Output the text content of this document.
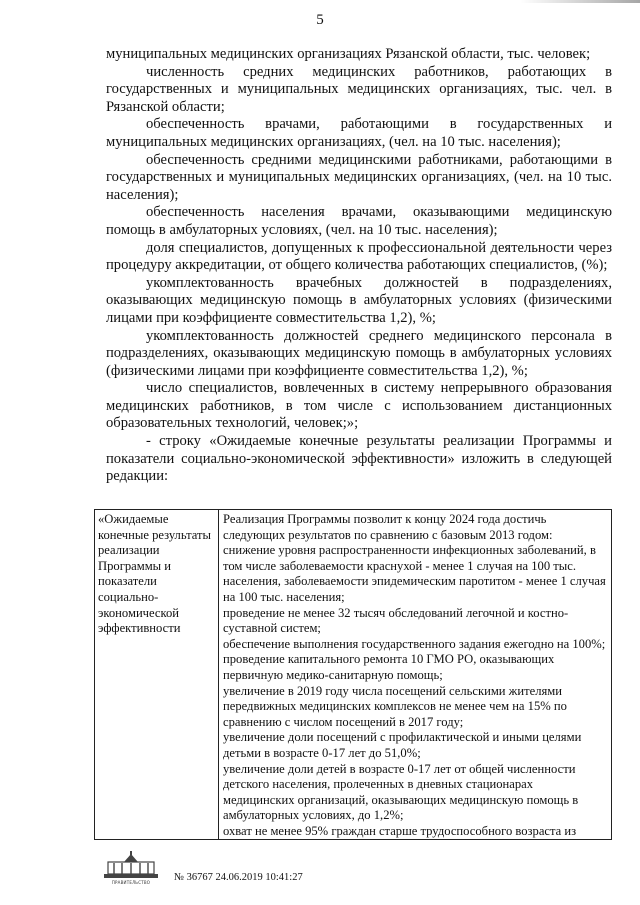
5

муниципальных медицинских организациях Рязанской области, тыс. человек;

численность средних медицинских работников, работающих в государственных и муниципальных медицинских организациях, тыс. чел. в Рязанской области;

обеспеченность врачами, работающими в государственных и муниципальных медицинских организациях, (чел. на 10 тыс. населения);

обеспеченность средними медицинскими работниками, работающими в государственных и муниципальных медицинских организациях, (чел. на 10 тыс. населения);

обеспеченность населения врачами, оказывающими медицинскую помощь в амбулаторных условиях, (чел. на 10 тыс. населения);

доля специалистов, допущенных к профессиональной деятельности через процедуру аккредитации, от общего количества работающих специалистов, (%);

укомплектованность врачебных должностей в подразделениях, оказывающих медицинскую помощь в амбулаторных условиях (физическими лицами при коэффициенте совместительства 1,2), %;

укомплектованность должностей среднего медицинского персонала в подразделениях, оказывающих медицинскую помощь в амбулаторных условиях (физическими лицами при коэффициенте совместительства 1,2), %;

число специалистов, вовлеченных в систему непрерывного образования медицинских работников, в том числе с использованием дистанционных образовательных технологий, человек;»;

- строку «Ожидаемые конечные результаты реализации Программы и показатели социально-экономической эффективности» изложить в следующей редакции:

«Ожидаемые конечные результаты реализации Программы и показатели социально-экономической эффективности

Реализация Программы позволит к концу 2024 года достичь следующих результатов по сравнению с базовым 2013 годом:

снижение уровня распространенности инфекционных заболеваний, в том числе заболеваемости краснухой - менее 1 случая на 100 тыс. населения, заболеваемости эпидемическим паротитом - менее 1 случая на 100 тыс. населения;

проведение не менее 32 тысяч обследований легочной и костно-суставной систем;

обеспечение выполнения государственного задания ежегодно на 100%;

проведение капитального ремонта 10 ГМО РО, оказывающих первичную медико-санитарную помощь;

увеличение в 2019 году числа посещений сельскими жителями передвижных медицинских комплексов не менее чем на 15% по сравнению с числом посещений в 2017 году;

увеличение доли посещений с профилактической и иными целями детьми в возрасте 0-17 лет до 51,0%;

увеличение доли детей в возрасте 0-17 лет от общей численности детского населения, пролеченных в дневных стационарах медицинских организаций, оказывающих медицинскую помощь в амбулаторных условиях, до 1,2%;

охват не менее 95% граждан старше трудоспособного возраста из

ПРАВИТЕЛЬСТВО	№ 36767 24.06.2019 10:41:27
